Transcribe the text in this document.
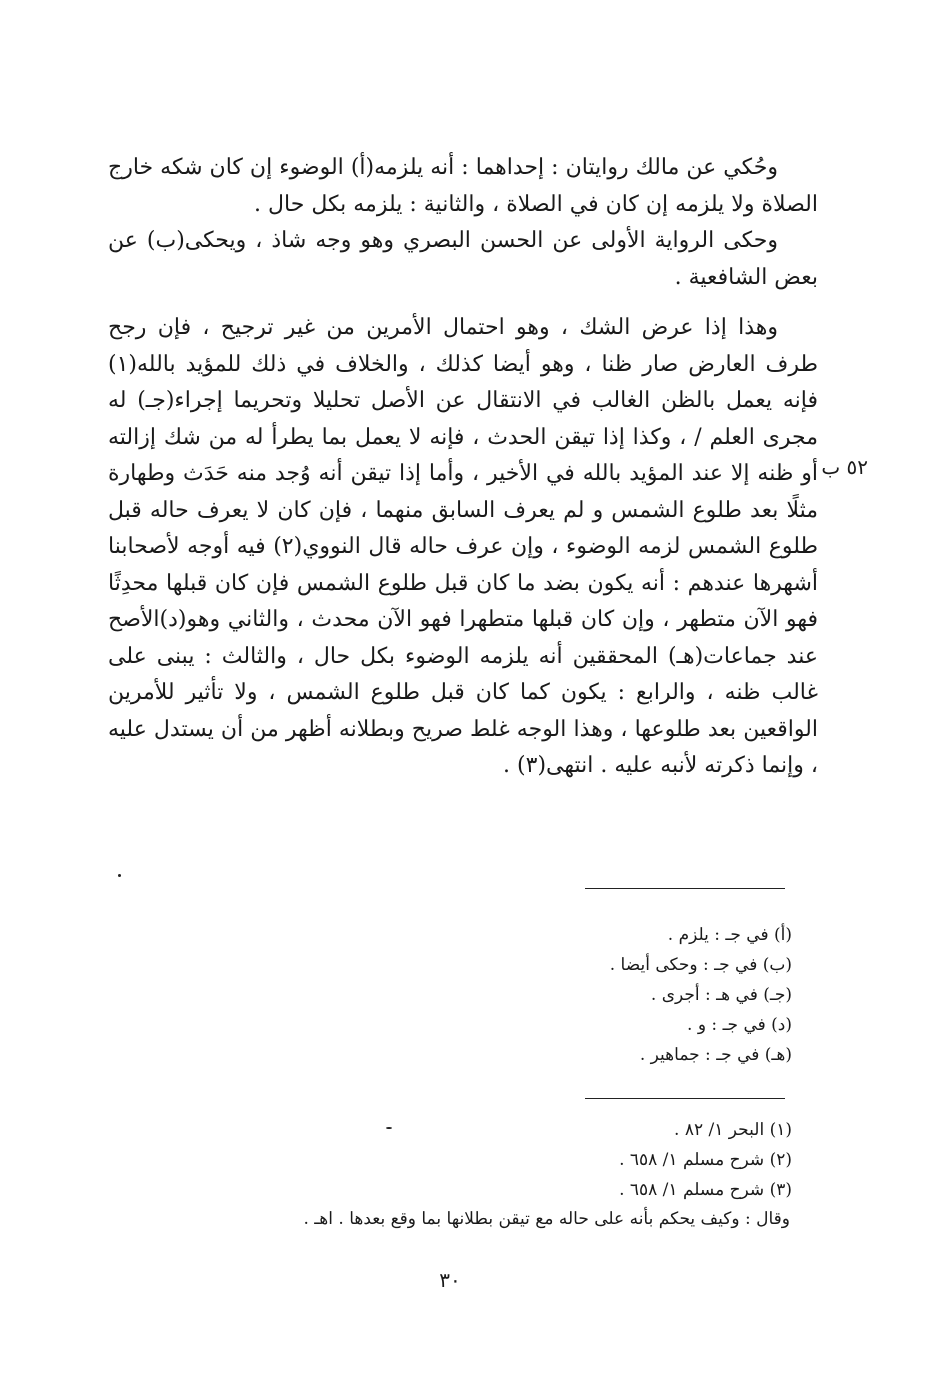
وحُكي عن مالك روايتان : إحداهما : أنه يلزمه(أ) الوضوء إن كان شكه خارج الصلاة ولا يلزمه إن كان في الصلاة ، والثانية : يلزمه بكل حال .

وحكى الرواية الأولى عن الحسن البصري وهو وجه شاذ ، ويحكى(ب) عن بعض الشافعية .

وهذا إذا عرض الشك ، وهو احتمال الأمرين من غير ترجيح ، فإن رجح طرف العارض صار ظنا ، وهو أيضا كذلك ، والخلاف في ذلك للمؤيد بالله(١) فإنه يعمل بالظن الغالب في الانتقال عن الأصل تحليلا وتحريما إجراء(جـ) له مجرى العلم / ، وكذا إذا تيقن الحدث ، فإنه لا يعمل بما يطرأ له من شك إزالته أو ظنه إلا عند المؤيد بالله في الأخير ، وأما إذا تيقن أنه وُجد منه حَدَث وطهارة مثلًا بعد طلوع الشمس و لم يعرف السابق منهما ، فإن كان لا يعرف حاله قبل طلوع الشمس لزمه الوضوء ، وإن عرف حاله قال النووي(٢) فيه أوجه لأصحابنا أشهرها عندهم : أنه يكون بضد ما كان قبل طلوع الشمس فإن كان قبلها محدِثًا فهو الآن متطهر ، وإن كان قبلها متطهرا فهو الآن محدث ، والثاني وهو(د)الأصح عند جماعات(هـ) المحققين أنه يلزمه الوضوء بكل حال ، والثالث : يبنى على غالب ظنه ، والرابع : يكون كما كان قبل طلوع الشمس ، ولا تأثير للأمرين الواقعين بعد طلوعها ، وهذا الوجه غلط صريح وبطلانه أظهر من أن يستدل عليه ، وإنما ذكرته لأنبه عليه . انتهى(٣) .

٥٢ ب
(أ) في جـ : يلزم .
(ب) في جـ : وحكى أيضا .
(جـ) في هـ : أجرى .
(د) في جـ : و .
(هـ) في جـ : جماهير .
(١) البحر ١/ ٨٢ .
(٢) شرح مسلم ١/ ٦٥٨ .
(٣) شرح مسلم ١/ ٦٥٨ .
وقال : وكيف يحكم بأنه على حاله مع تيقن بطلانها بما وقع بعدها . اهـ .
٣٠
